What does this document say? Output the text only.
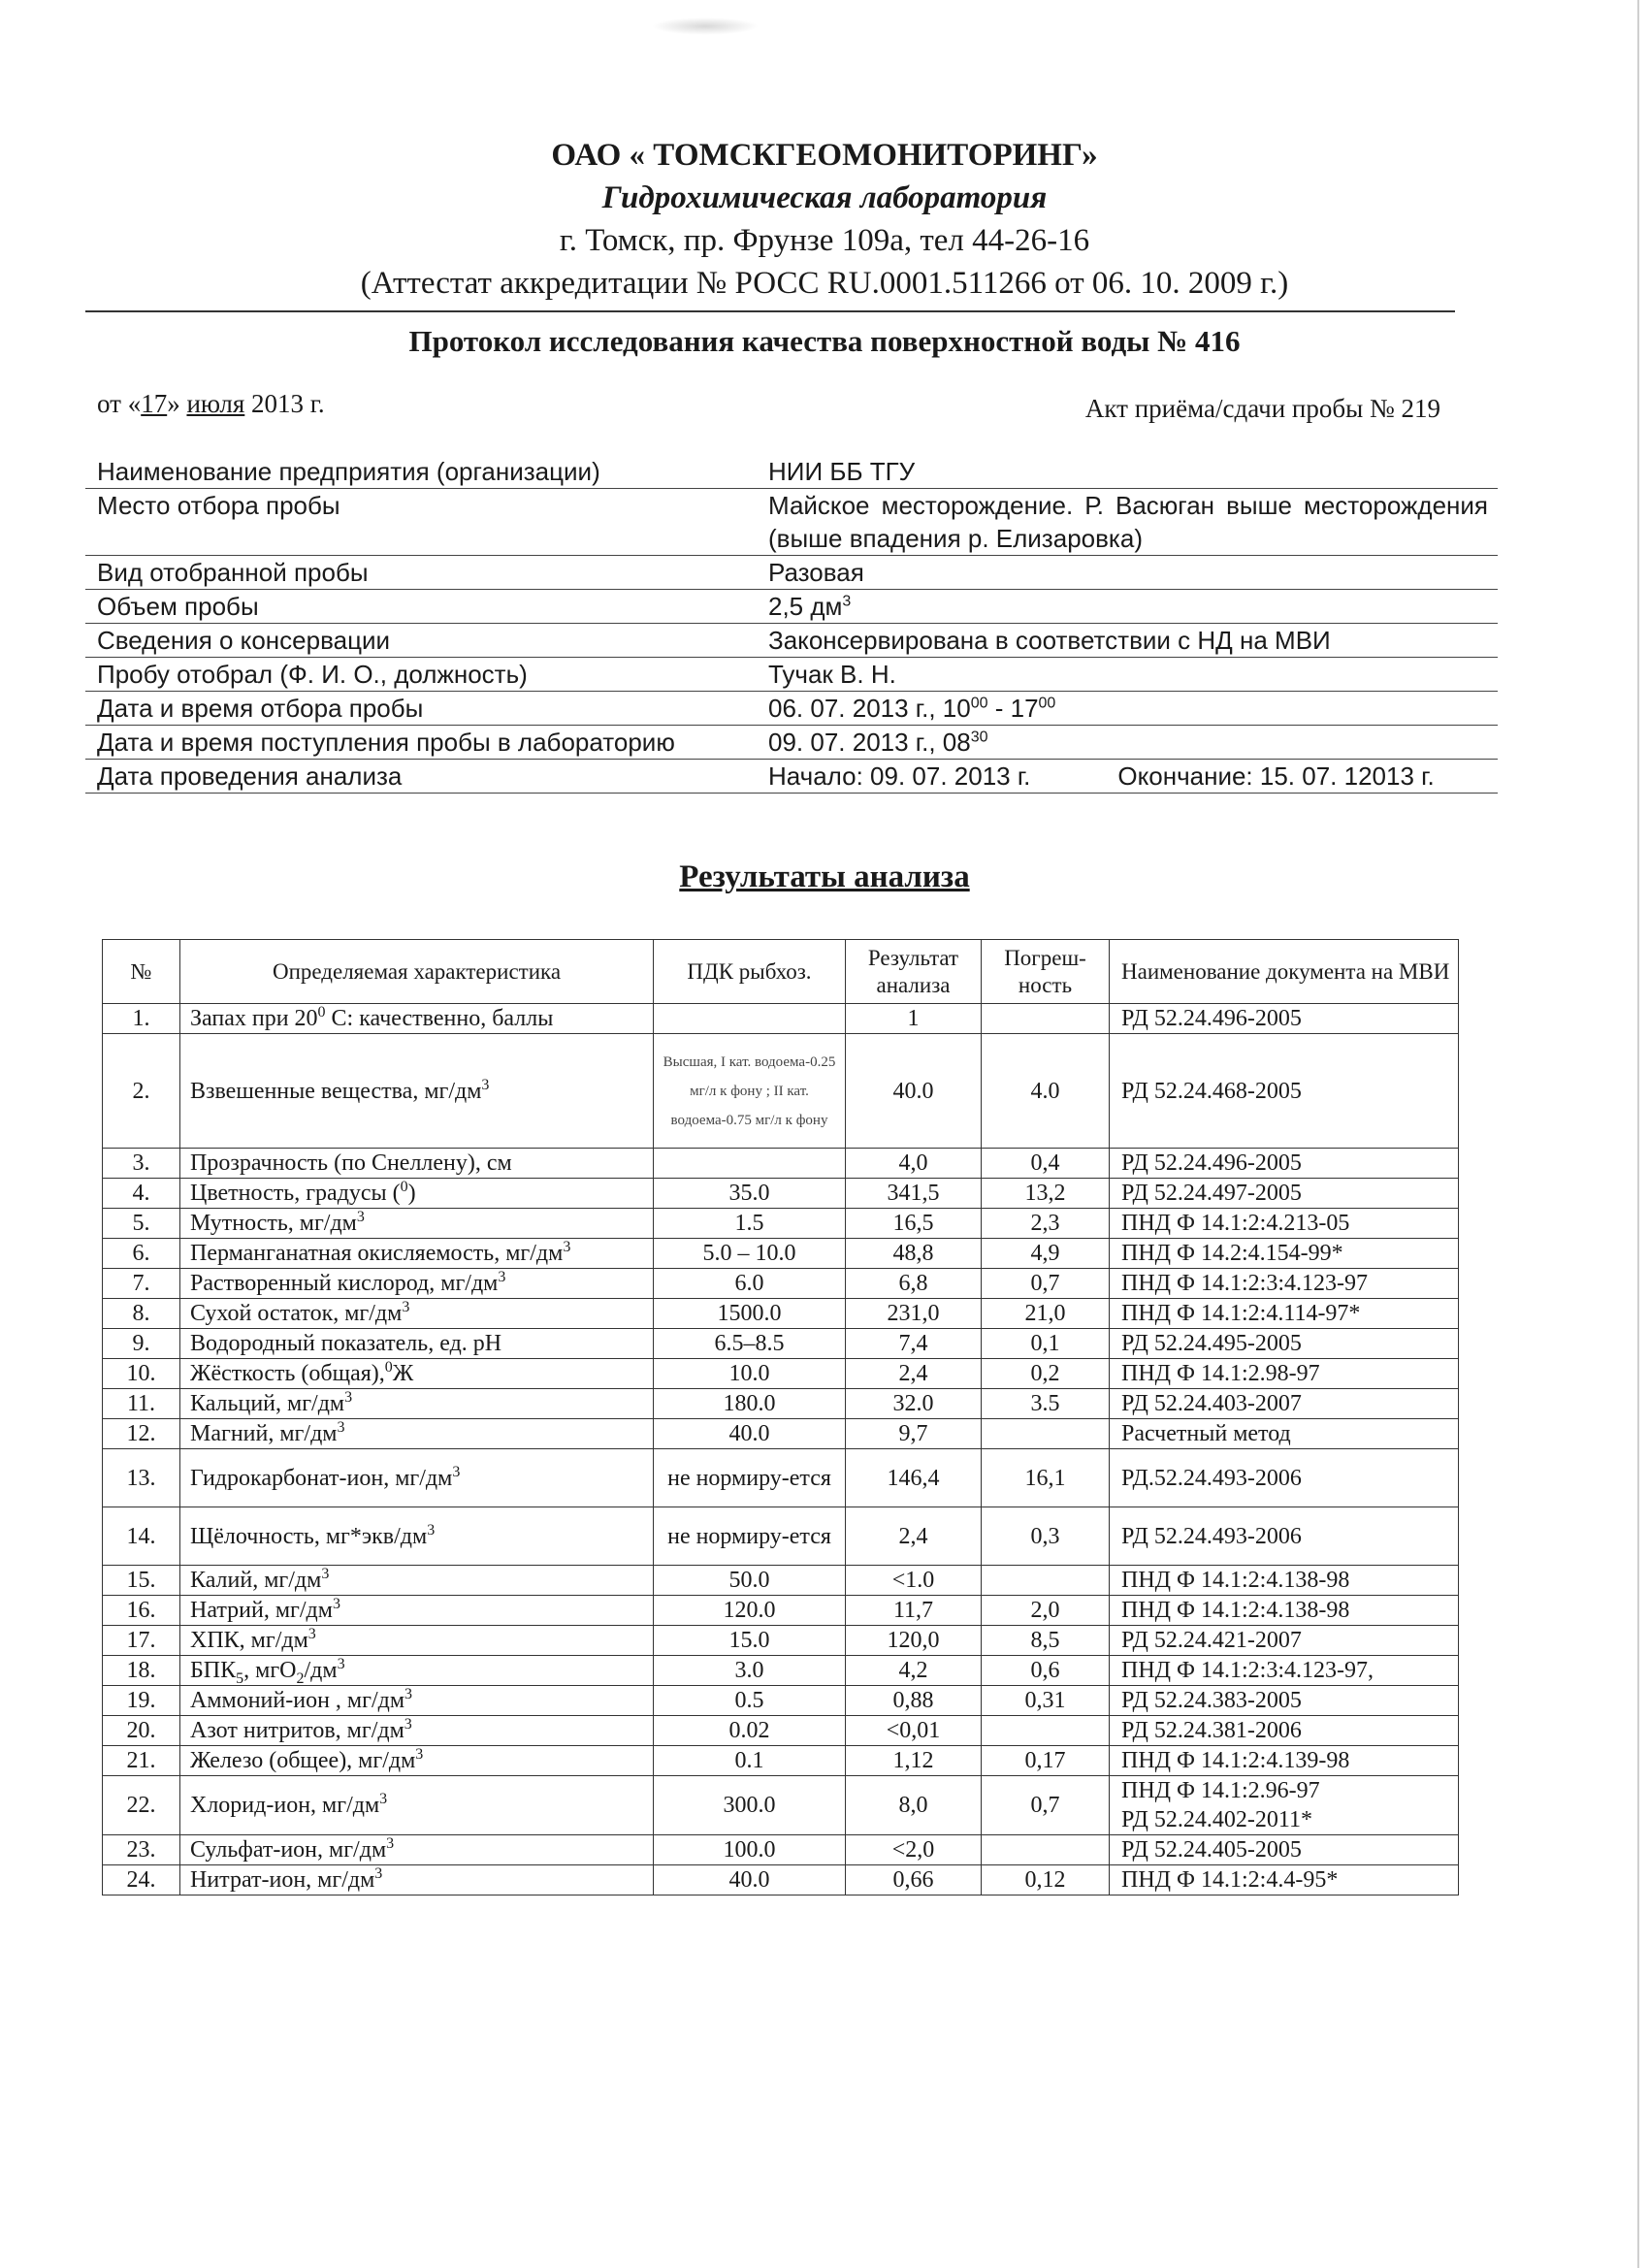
ОАО « ТОМСКГЕОМОНИТОРИНГ»
Гидрохимическая лаборатория
г. Томск, пр. Фрунзе 109а, тел 44-26-16
(Аттестат аккредитации № РОСС RU.0001.511266 от 06. 10. 2009 г.)
Протокол исследования качества поверхностной воды № 416
от «17» июля 2013 г.	Акт приёма/сдачи пробы № 219
Наименование предприятия (организации)	НИИ ББ ТГУ
Место отбора пробы	Майское месторождение. Р. Васюган выше месторождения (выше впадения р. Елизаровка)
Вид отобранной пробы	Разовая
Объем пробы	2,5 $дм^3$
Сведения о консервации	Законсервирована в соответствии с НД на МВИ
Пробу отобрал (Ф. И. О., должность)	Тучак В. Н.
Дата и время отбора пробы	06. 07. 2013 г., $10^{00} - 17^{00}$
Дата и время поступления пробы в лабораторию	09. 07. 2013 г., $08^{30}$
Дата проведения анализа	Начало: 09. 07. 2013 г. Окончание: 15. 07. 12013 г.
Результаты анализа
№	Определяемая характеристика	ПДК рыбхоз.	Результат анализа	Погреш-ность	Наименование документа на МВИ
1.	Запах при $20^0$ С: качественно, баллы		1		РД 52.24.496-2005

2.	Взвешенные вещества, $мг/дм^3$	Высшая, I кат. водоема-0.25 мг/л к фону ; II кат. водоема-0.75 мг/л к фону	40.0	4.0	РД 52.24.468-2005

3.	Прозрачность (по Снеллену), см		4,0	0,4	РД 52.24.496-2005

4.	Цветность, градусы ($^0$)	35.0	341,5	13,2	РД 52.24.497-2005

5.	Мутность, $мг/дм^3$	1.5	16,5	2,3	ПНД Ф 14.1:2:4.213-05

6.	Перманганатная окисляемость, $мг/дм^3$	5.0 – 10.0	48,8	4,9	ПНД Ф 14.2:4.154-99*

7.	Растворенный кислород, $мг/дм^3$	6.0	6,8	0,7	ПНД Ф 14.1:2:3:4.123-97

8.	Сухой остаток, $мг/дм^3$	1500.0	231,0	21,0	ПНД Ф 14.1:2:4.114-97*

9.	Водородный показатель, ед. рН	6.5–8.5	7,4	0,1	РД 52.24.495-2005

10.	Жёсткость (общая),$^0$Ж	10.0	2,4	0,2	ПНД Ф 14.1:2.98-97

11.	Кальций, $мг/дм^3$	180.0	32.0	3.5	РД 52.24.403-2007

12.	Магний, $мг/дм^3$	40.0	9,7		Расчетный метод

13.	Гидрокарбонат-ион, $мг/дм^3$	не нормиру-ется	146,4	16,1	РД.52.24.493-2006

14.	Щёлочность, $мг*экв/дм^3$	не нормиру-ется	2,4	0,3	РД 52.24.493-2006

15.	Калий, $мг/дм^3$	50.0	<1.0		ПНД Ф 14.1:2:4.138-98

16.	Натрий, $мг/дм^3$	120.0	11,7	2,0	ПНД Ф 14.1:2:4.138-98

17.	ХПК, $мг/дм^3$	15.0	120,0	8,5	РД 52.24.421-2007

18.	$БПК_5$, $мгО_2/дм^3$	3.0	4,2	0,6	ПНД Ф 14.1:2:3:4.123-97,

19.	Аммоний-ион , $мг/дм^3$	0.5	0,88	0,31	РД 52.24.383-2005

20.	Азот нитритов, $мг/дм^3$	0.02	<0,01		РД 52.24.381-2006

21.	Железо (общее), $мг/дм^3$	0.1	1,12	0,17	ПНД Ф 14.1:2:4.139-98

22.	Хлорид-ион, $мг/дм^3$	300.0	8,0	0,7	ПНД Ф 14.1:2.96-97
РД 52.24.402-2011*

23.	Сульфат-ион, $мг/дм^3$	100.0	<2,0		РД 52.24.405-2005

24.	Нитрат-ион, $мг/дм^3$	40.0	0,66	0,12	ПНД Ф 14.1:2:4.4-95*
